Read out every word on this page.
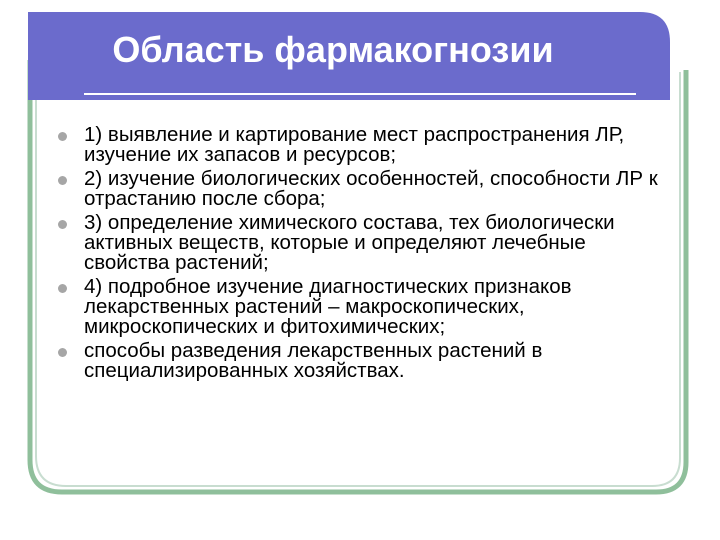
Область фармакогнозии
1) выявление и картирование мест распространения ЛР, изучение их запасов и ресурсов;
2) изучение биологических особенностей, способности ЛР к отрастанию после сбора;
3) определение химического состава, тех биологически активных веществ, которые и определяют лечебные свойства растений;
4) подробное изучение диагностических признаков лекарственных растений – макроскопических, микроскопических и фитохимических;
способы разведения лекарственных растений в специализированных хозяйствах.
